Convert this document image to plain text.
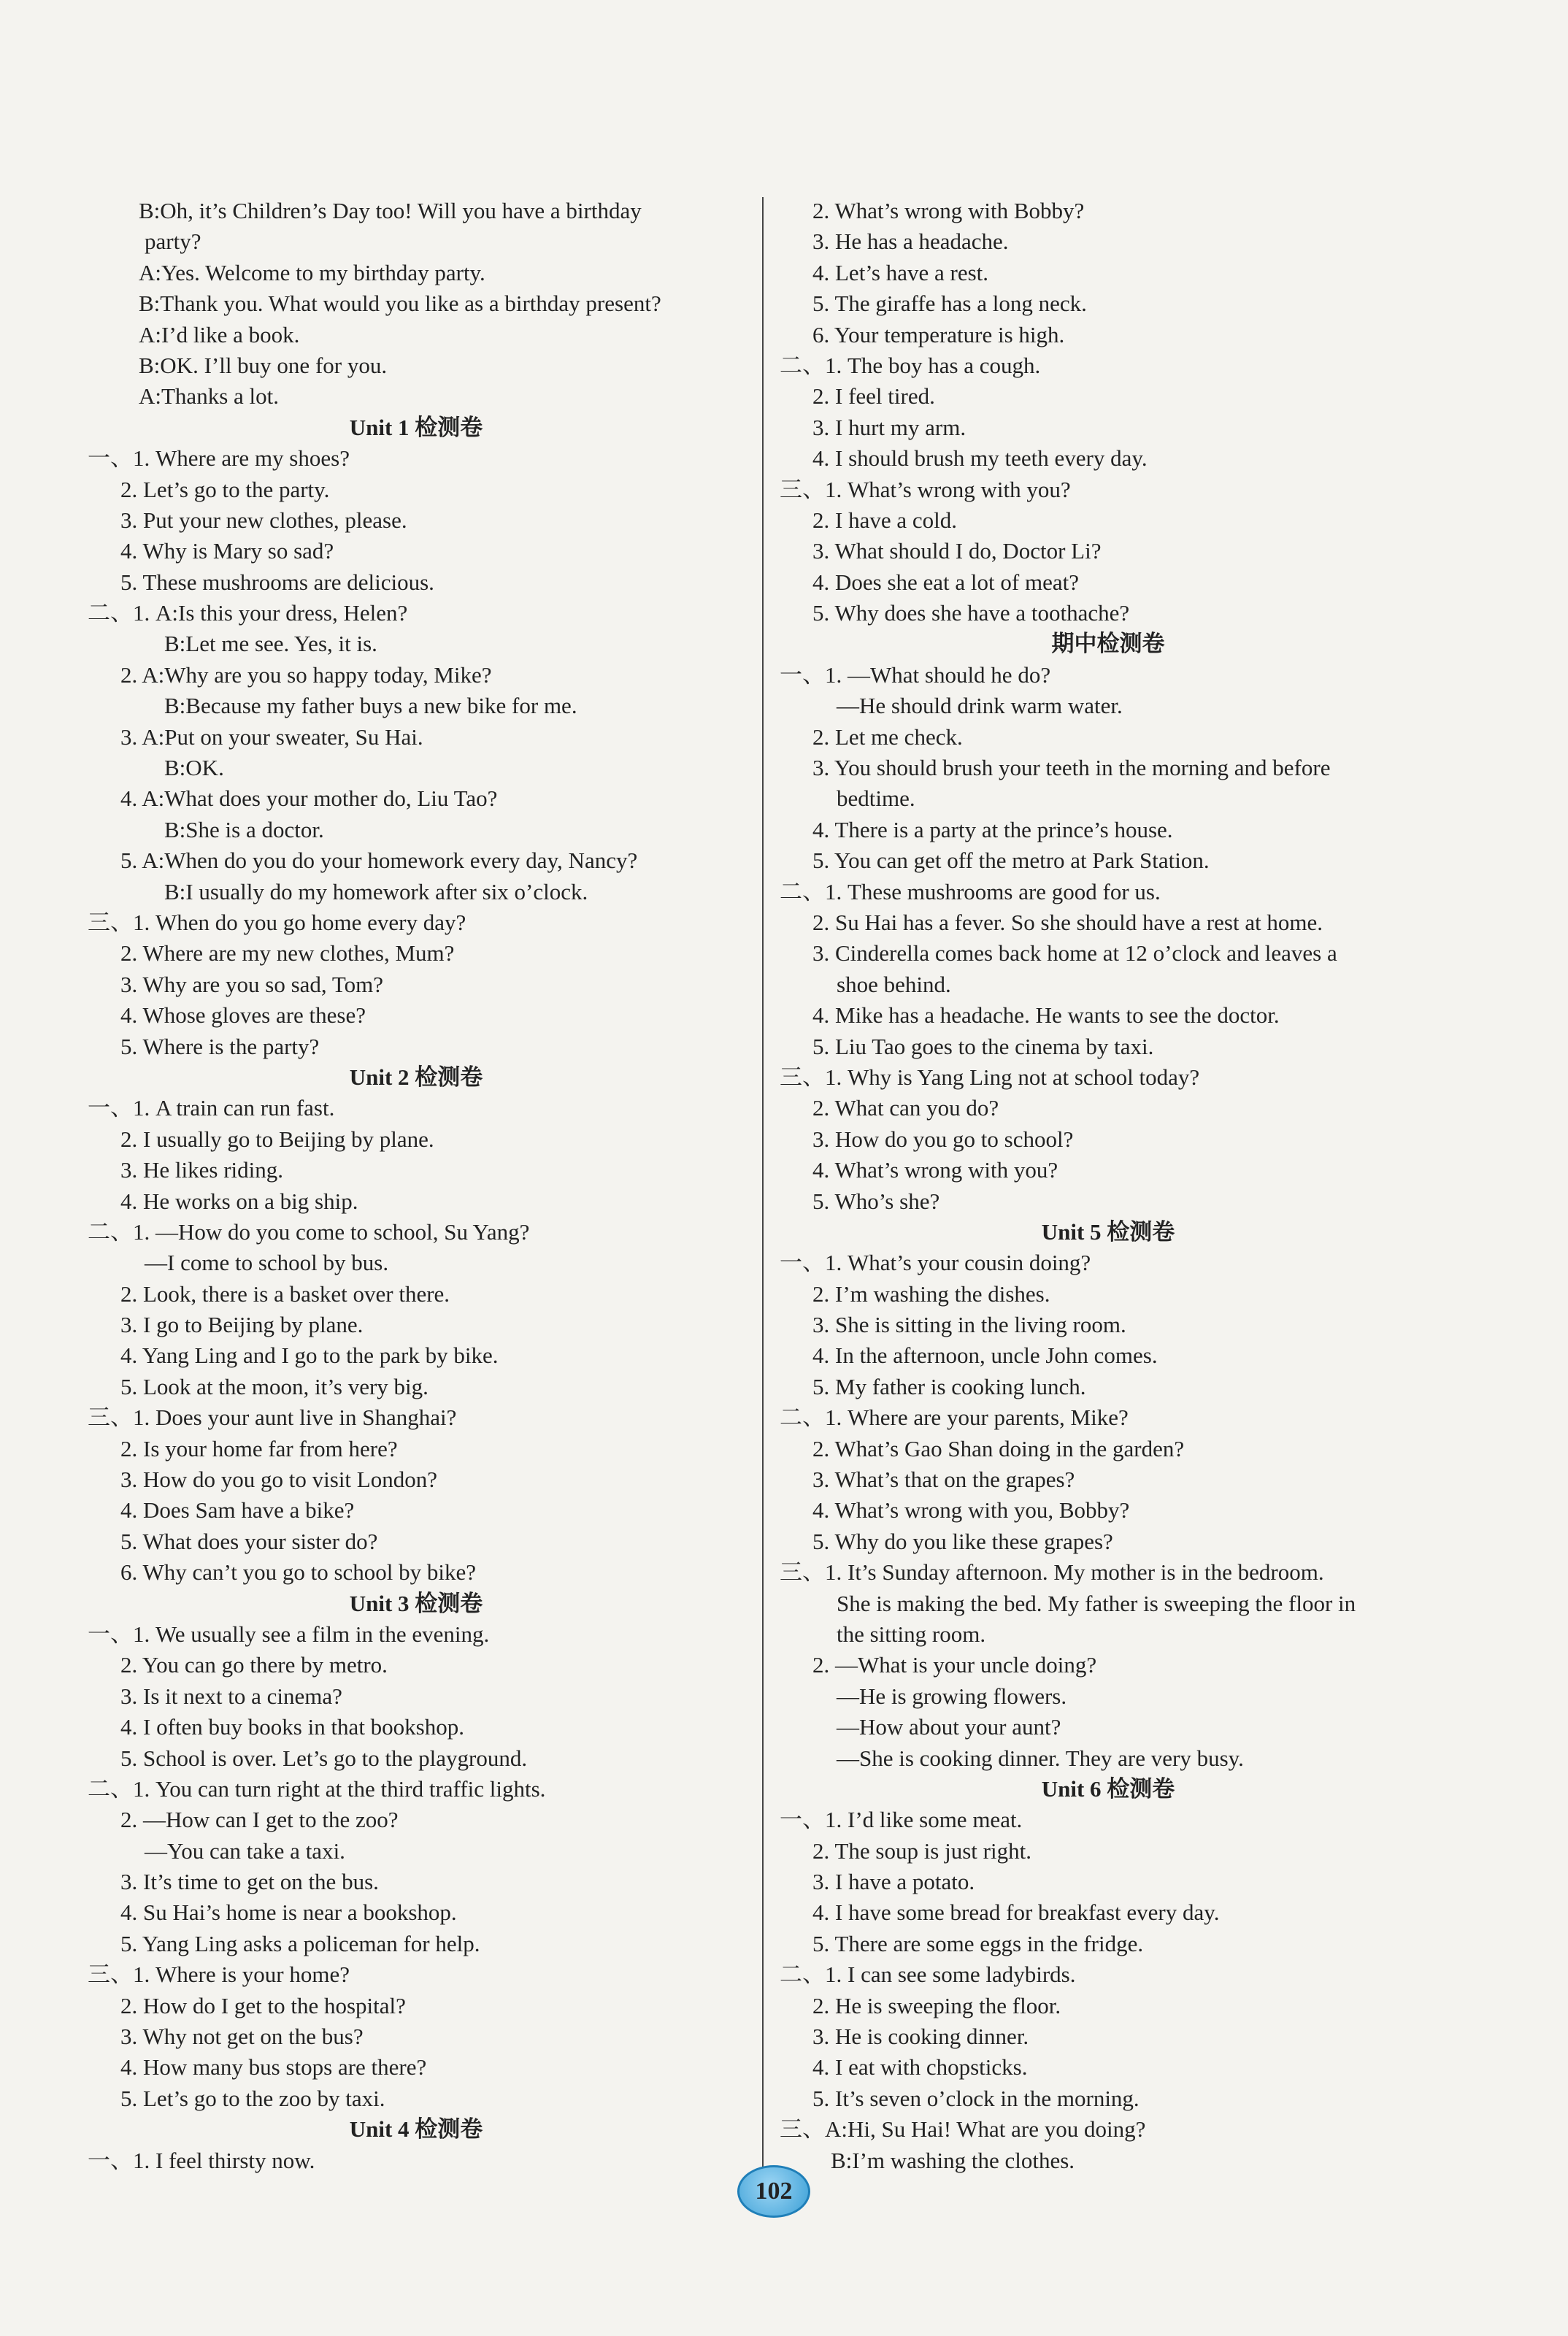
B:Oh, it’s Children’s Day too! Will you have a birthday
party?
A:Yes. Welcome to my birthday party.
B:Thank you. What would you like as a birthday present?
A:I’d like a book.
B:OK. I’ll buy one for you.
A:Thanks a lot.
Unit 1 检测卷
一、1. Where are my shoes?
2. Let’s go to the party.
3. Put your new clothes, please.
4. Why is Mary so sad?
5. These mushrooms are delicious.
二、1. A:Is this your dress, Helen?
B:Let me see. Yes, it is.
2. A:Why are you so happy today, Mike?
B:Because my father buys a new bike for me.
3. A:Put on your sweater, Su Hai.
B:OK.
4. A:What does your mother do, Liu Tao?
B:She is a doctor.
5. A:When do you do your homework every day, Nancy?
B:I usually do my homework after six o’clock.
三、1. When do you go home every day?
2. Where are my new clothes, Mum?
3. Why are you so sad, Tom?
4. Whose gloves are these?
5. Where is the party?
Unit 2 检测卷
一、1. A train can run fast.
2. I usually go to Beijing by plane.
3. He likes riding.
4. He works on a big ship.
二、1. —How do you come to school, Su Yang?
—I come to school by bus.
2. Look, there is a basket over there.
3. I go to Beijing by plane.
4. Yang Ling and I go to the park by bike.
5. Look at the moon, it’s very big.
三、1. Does your aunt live in Shanghai?
2. Is your home far from here?
3. How do you go to visit London?
4. Does Sam have a bike?
5. What does your sister do?
6. Why can’t you go to school by bike?
Unit 3 检测卷
一、1. We usually see a film in the evening.
2. You can go there by metro.
3. Is it next to a cinema?
4. I often buy books in that bookshop.
5. School is over. Let’s go to the playground.
二、1. You can turn right at the third traffic lights.
2. —How can I get to the zoo?
—You can take a taxi.
3. It’s time to get on the bus.
4. Su Hai’s home is near a bookshop.
5. Yang Ling asks a policeman for help.
三、1. Where is your home?
2. How do I get to the hospital?
3. Why not get on the bus?
4. How many bus stops are there?
5. Let’s go to the zoo by taxi.
Unit 4 检测卷
一、1. I feel thirsty now.
2. What’s wrong with Bobby?
3. He has a headache.
4. Let’s have a rest.
5. The giraffe has a long neck.
6. Your temperature is high.
二、1. The boy has a cough.
2. I feel tired.
3. I hurt my arm.
4. I should brush my teeth every day.
三、1. What’s wrong with you?
2. I have a cold.
3. What should I do, Doctor Li?
4. Does she eat a lot of meat?
5. Why does she have a toothache?
期中检测卷
一、1. —What should he do?
—He should drink warm water.
2. Let me check.
3. You should brush your teeth in the morning and before
bedtime.
4. There is a party at the prince’s house.
5. You can get off the metro at Park Station.
二、1. These mushrooms are good for us.
2. Su Hai has a fever. So she should have a rest at home.
3. Cinderella comes back home at 12 o’clock and leaves a
shoe behind.
4. Mike has a headache. He wants to see the doctor.
5. Liu Tao goes to the cinema by taxi.
三、1. Why is Yang Ling not at school today?
2. What can you do?
3. How do you go to school?
4. What’s wrong with you?
5. Who’s she?
Unit 5 检测卷
一、1. What’s your cousin doing?
2. I’m washing the dishes.
3. She is sitting in the living room.
4. In the afternoon, uncle John comes.
5. My father is cooking lunch.
二、1. Where are your parents, Mike?
2. What’s Gao Shan doing in the garden?
3. What’s that on the grapes?
4. What’s wrong with you, Bobby?
5. Why do you like these grapes?
三、1. It’s Sunday afternoon. My mother is in the bedroom.
She is making the bed. My father is sweeping the floor in
the sitting room.
2. —What is your uncle doing?
—He is growing flowers.
—How about your aunt?
—She is cooking dinner. They are very busy.
Unit 6 检测卷
一、1. I’d like some meat.
2. The soup is just right.
3. I have a potato.
4. I have some bread for breakfast every day.
5. There are some eggs in the fridge.
二、1. I can see some ladybirds.
2. He is sweeping the floor.
3. He is cooking dinner.
4. I eat with chopsticks.
5. It’s seven o’clock in the morning.
三、A:Hi, Su Hai! What are you doing?
B:I’m washing the clothes.
102
